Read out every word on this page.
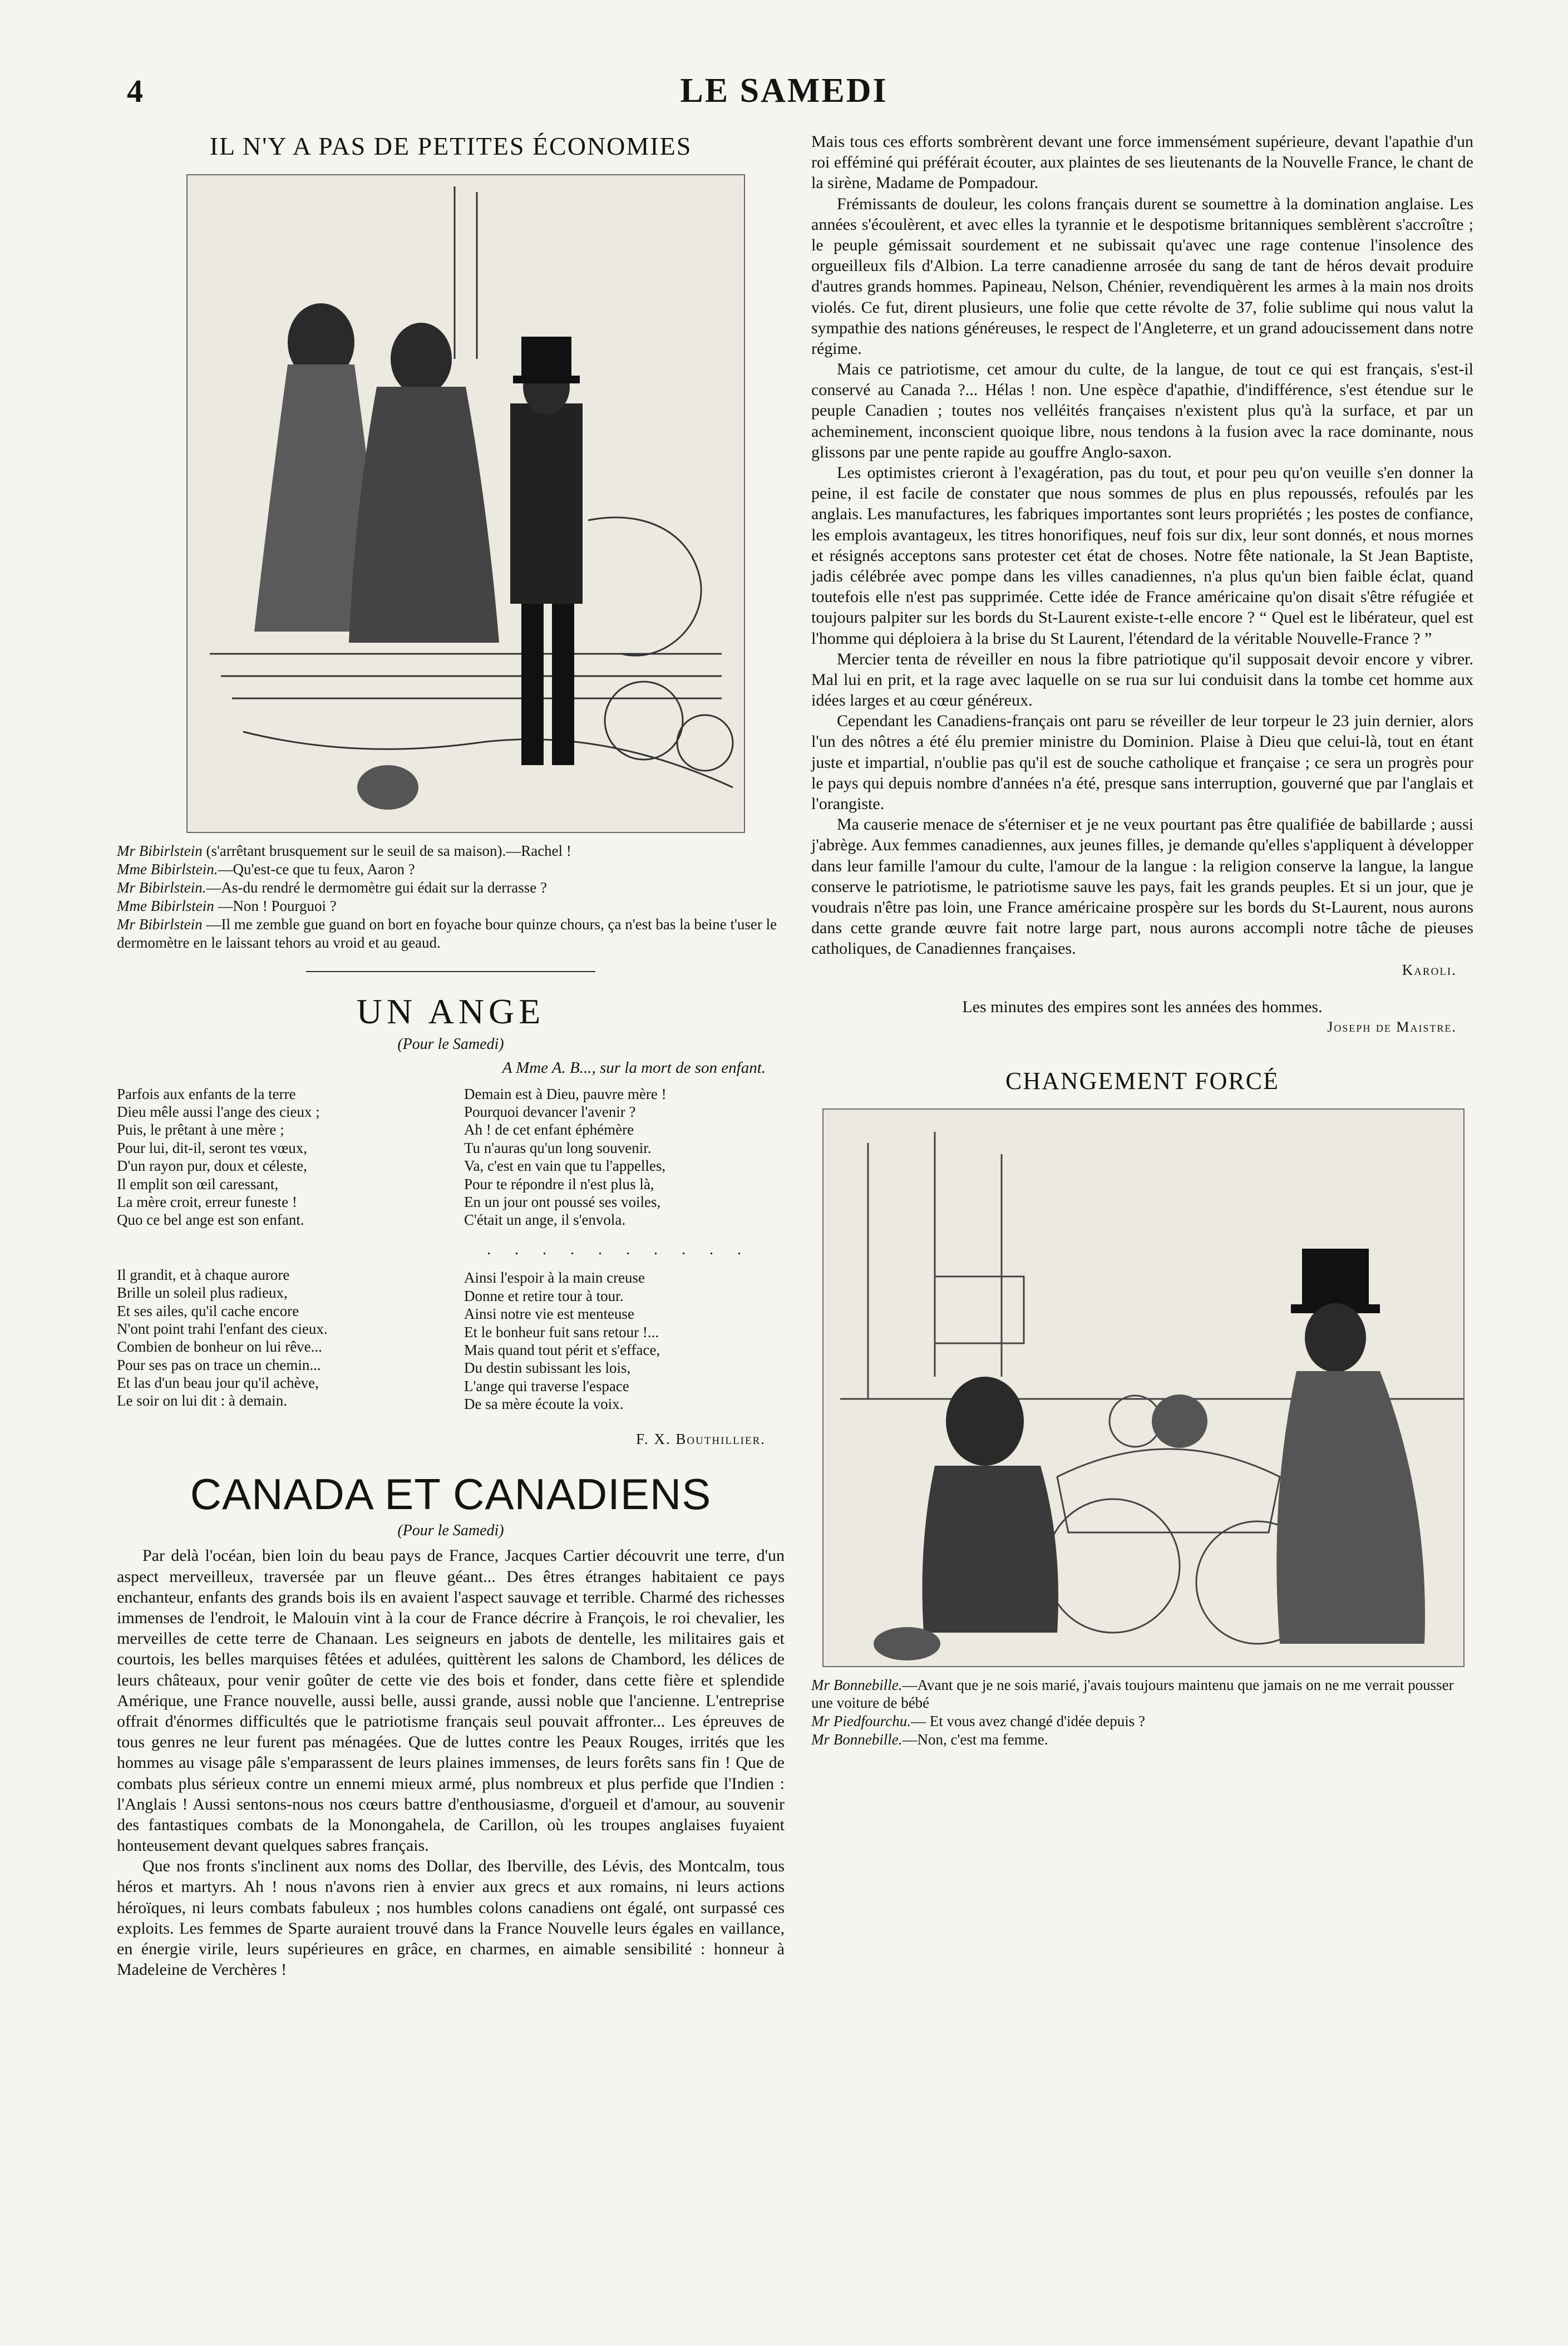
4	LE SAMEDI
IL N'Y A PAS DE PETITES ÉCONOMIES

Mr Bibirlstein (s'arrêtant brusquement sur le seuil de sa maison).—Rachel !

Mme Bibirlstein.—Qu'est-ce que tu feux, Aaron ?

Mr Bibirlstein.—As-du rendré le dermomètre gui édait sur la derrasse ?

Mme Bibirlstein —Non ! Pourguoi ?

Mr Bibirlstein —Il me zemble gue guand on bort en foyache bour quinze chours, ça n'est bas la beine t'user le dermomètre en le laissant tehors au vroid et au geaud.

UN ANGE
(Pour le Samedi)
A Mme A. B..., sur la mort de son enfant.
Parfois aux enfants de la terre
Dieu mêle aussi l'ange des cieux ;
Puis, le prêtant à une mère ;
Pour lui, dit-il, seront tes vœux,
D'un rayon pur, doux et céleste,
Il emplit son œil caressant,
La mère croit, erreur funeste !
Quo ce bel ange est son enfant.
Il grandit, et à chaque aurore
Brille un soleil plus radieux,
Et ses ailes, qu'il cache encore
N'ont point trahi l'enfant des cieux.
Combien de bonheur on lui rêve...
Pour ses pas on trace un chemin...
Et las d'un beau jour qu'il achève,
Le soir on lui dit : à demain.
Demain est à Dieu, pauvre mère !
Pourquoi devancer l'avenir ?
Ah ! de cet enfant éphémère
Tu n'auras qu'un long souvenir.
Va, c'est en vain que tu l'appelles,
Pour te répondre il n'est plus là,
En un jour ont poussé ses voiles,
C'était un ange, il s'envola.
. . . . . . . . . .
Ainsi l'espoir à la main creuse
Donne et retire tour à tour.
Ainsi notre vie est menteuse
Et le bonheur fuit sans retour !...
Mais quand tout périt et s'efface,
Du destin subissant les lois,
L'ange qui traverse l'espace
De sa mère écoute la voix.
F. X. Bouthillier.
CANADA ET CANADIENS
(Pour le Samedi)

Par delà l'océan, bien loin du beau pays de France, Jacques Cartier découvrit une terre, d'un aspect merveilleux, traversée par un fleuve géant... Des êtres étranges habitaient ce pays enchanteur, enfants des grands bois ils en avaient l'aspect sauvage et terrible. Charmé des richesses immenses de l'endroit, le Malouin vint à la cour de France décrire à François, le roi chevalier, les merveilles de cette terre de Chanaan. Les seigneurs en jabots de dentelle, les militaires gais et courtois, les belles marquises fêtées et adulées, quittèrent les salons de Chambord, les délices de leurs châteaux, pour venir goûter de cette vie des bois et fonder, dans cette fière et splendide Amérique, une France nouvelle, aussi belle, aussi grande, aussi noble que l'ancienne. L'entreprise offrait d'énormes difficultés que le patriotisme français seul pouvait affronter... Les épreuves de tous genres ne leur furent pas ménagées. Que de luttes contre les Peaux Rouges, irrités que les hommes au visage pâle s'emparassent de leurs plaines immenses, de leurs forêts sans fin ! Que de combats plus sérieux contre un ennemi mieux armé, plus nombreux et plus perfide que l'Indien : l'Anglais ! Aussi sentons-nous nos cœurs battre d'enthousiasme, d'orgueil et d'amour, au souvenir des fantastiques combats de la Monongahela, de Carillon, où les troupes anglaises fuyaient honteusement devant quelques sabres français.

Que nos fronts s'inclinent aux noms des Dollar, des Iberville, des Lévis, des Montcalm, tous héros et martyrs. Ah ! nous n'avons rien à envier aux grecs et aux romains, ni leurs actions héroïques, ni leurs combats fabuleux ; nos humbles colons canadiens ont égalé, ont surpassé ces exploits. Les femmes de Sparte auraient trouvé dans la France Nouvelle leurs égales en vaillance, en énergie virile, leurs supérieures en grâce, en charmes, en aimable sensibilité : honneur à Madeleine de Verchères !

Mais tous ces efforts sombrèrent devant une force immensément supérieure, devant l'apathie d'un roi efféminé qui préférait écouter, aux plaintes de ses lieutenants de la Nouvelle France, le chant de la sirène, Madame de Pompadour.

Frémissants de douleur, les colons français durent se soumettre à la domination anglaise. Les années s'écoulèrent, et avec elles la tyrannie et le despotisme britanniques semblèrent s'accroître ; le peuple gémissait sourdement et ne subissait qu'avec une rage contenue l'insolence des orgueilleux fils d'Albion. La terre canadienne arrosée du sang de tant de héros devait produire d'autres grands hommes. Papineau, Nelson, Chénier, revendiquèrent les armes à la main nos droits violés. Ce fut, dirent plusieurs, une folie que cette révolte de 37, folie sublime qui nous valut la sympathie des nations généreuses, le respect de l'Angleterre, et un grand adoucissement dans notre régime.

Mais ce patriotisme, cet amour du culte, de la langue, de tout ce qui est français, s'est-il conservé au Canada ?... Hélas ! non. Une espèce d'apathie, d'indifférence, s'est étendue sur le peuple Canadien ; toutes nos velléités françaises n'existent plus qu'à la surface, et par un acheminement, inconscient quoique libre, nous tendons à la fusion avec la race dominante, nous glissons par une pente rapide au gouffre Anglo-saxon.

Les optimistes crieront à l'exagération, pas du tout, et pour peu qu'on veuille s'en donner la peine, il est facile de constater que nous sommes de plus en plus repoussés, refoulés par les anglais. Les manufactures, les fabriques importantes sont leurs propriétés ; les postes de confiance, les emplois avantageux, les titres honorifiques, neuf fois sur dix, leur sont donnés, et nous mornes et résignés acceptons sans protester cet état de choses. Notre fête nationale, la St Jean Baptiste, jadis célébrée avec pompe dans les villes canadiennes, n'a plus qu'un bien faible éclat, quand toutefois elle n'est pas supprimée. Cette idée de France américaine qu'on disait s'être réfugiée et toujours palpiter sur les bords du St-Laurent existe-t-elle encore ? “ Quel est le libérateur, quel est l'homme qui déploiera à la brise du St Laurent, l'étendard de la véritable Nouvelle-France ? ”

Mercier tenta de réveiller en nous la fibre patriotique qu'il supposait devoir encore y vibrer. Mal lui en prit, et la rage avec laquelle on se rua sur lui conduisit dans la tombe cet homme aux idées larges et au cœur généreux.

Cependant les Canadiens-français ont paru se réveiller de leur torpeur le 23 juin dernier, alors l'un des nôtres a été élu premier ministre du Dominion. Plaise à Dieu que celui-là, tout en étant juste et impartial, n'oublie pas qu'il est de souche catholique et française ; ce sera un progrès pour le pays qui depuis nombre d'années n'a été, presque sans interruption, gouverné que par l'anglais et l'orangiste.

Ma causerie menace de s'éterniser et je ne veux pourtant pas être qualifiée de babillarde ; aussi j'abrège. Aux femmes canadiennes, aux jeunes filles, je demande qu'elles s'appliquent à développer dans leur famille l'amour du culte, l'amour de la langue : la religion conserve la langue, la langue conserve le patriotisme, le patriotisme sauve les pays, fait les grands peuples. Et si un jour, que je voudrais n'être pas loin, une France américaine prospère sur les bords du St-Laurent, nous aurons dans cette grande œuvre fait notre large part, nous aurons accompli notre tâche de pieuses catholiques, de Canadiennes françaises.

Karoli.
Les minutes des empires sont les années des hommes.
Joseph de Maistre.
CHANGEMENT FORCÉ

Mr Bonnebille.—Avant que je ne sois marié, j'avais toujours maintenu que jamais on ne me verrait pousser une voiture de bébé

Mr Piedfourchu.— Et vous avez changé d'idée depuis ?

Mr Bonnebille.—Non, c'est ma femme.
